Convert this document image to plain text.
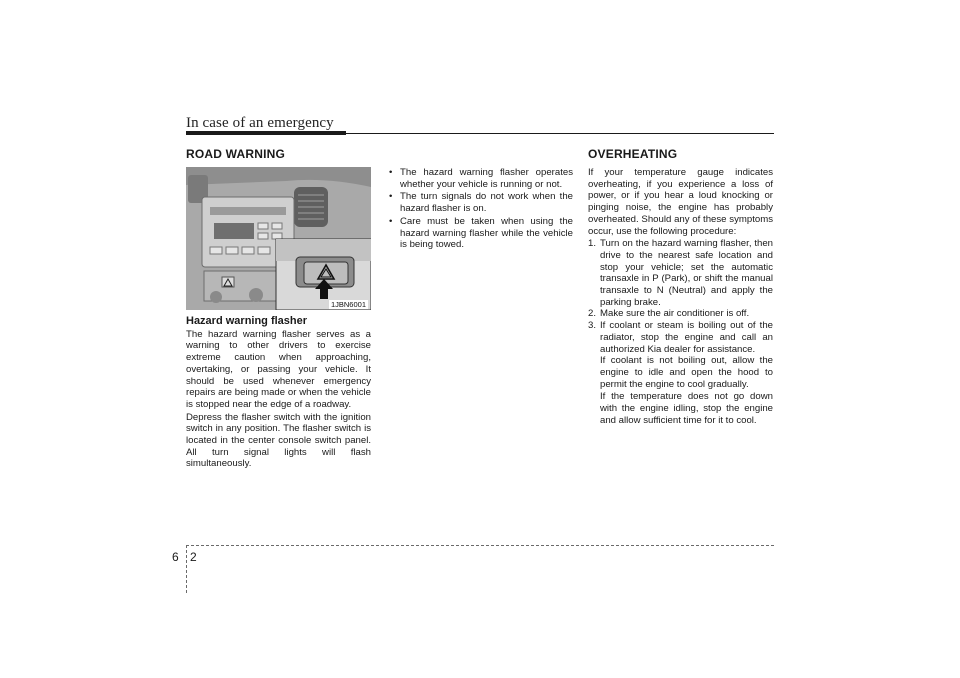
In case of an emergency
ROAD WARNING
1JBN6001
Hazard warning flasher

The hazard warning flasher serves as a warning to other drivers to exercise extreme caution when approaching, overtaking, or passing your vehicle. It should be used whenever emergency repairs are being made or when the vehicle is stopped near the edge of a roadway.

Depress the flasher switch with the ignition switch in any position. The flasher switch is located in the center console switch panel. All turn signal lights will flash simultaneously.

• The hazard warning flasher operates whether your vehicle is running or not.
• The turn signals do not work when the hazard flasher is on.
• Care must be taken when using the hazard warning flasher while the vehicle is being towed.
OVERHEATING

If your temperature gauge indicates overheating, if you experience a loss of power, or if you hear a loud knocking or pinging noise, the engine has probably overheated. Should any of these symptoms occur, use the following procedure:

1. Turn on the hazard warning flasher, then drive to the nearest safe location and stop your vehicle; set the automatic transaxle in P (Park), or shift the manual transaxle to N (Neutral) and apply the parking brake.
2. Make sure the air conditioner is off.
3. If coolant or steam is boiling out of the radiator, stop the engine and call an authorized Kia dealer for assistance.

If coolant is not boiling out, allow the engine to idle and open the hood to permit the engine to cool gradually.

If the temperature does not go down with the engine idling, stop the engine and allow sufficient time for it to cool.

6 2
